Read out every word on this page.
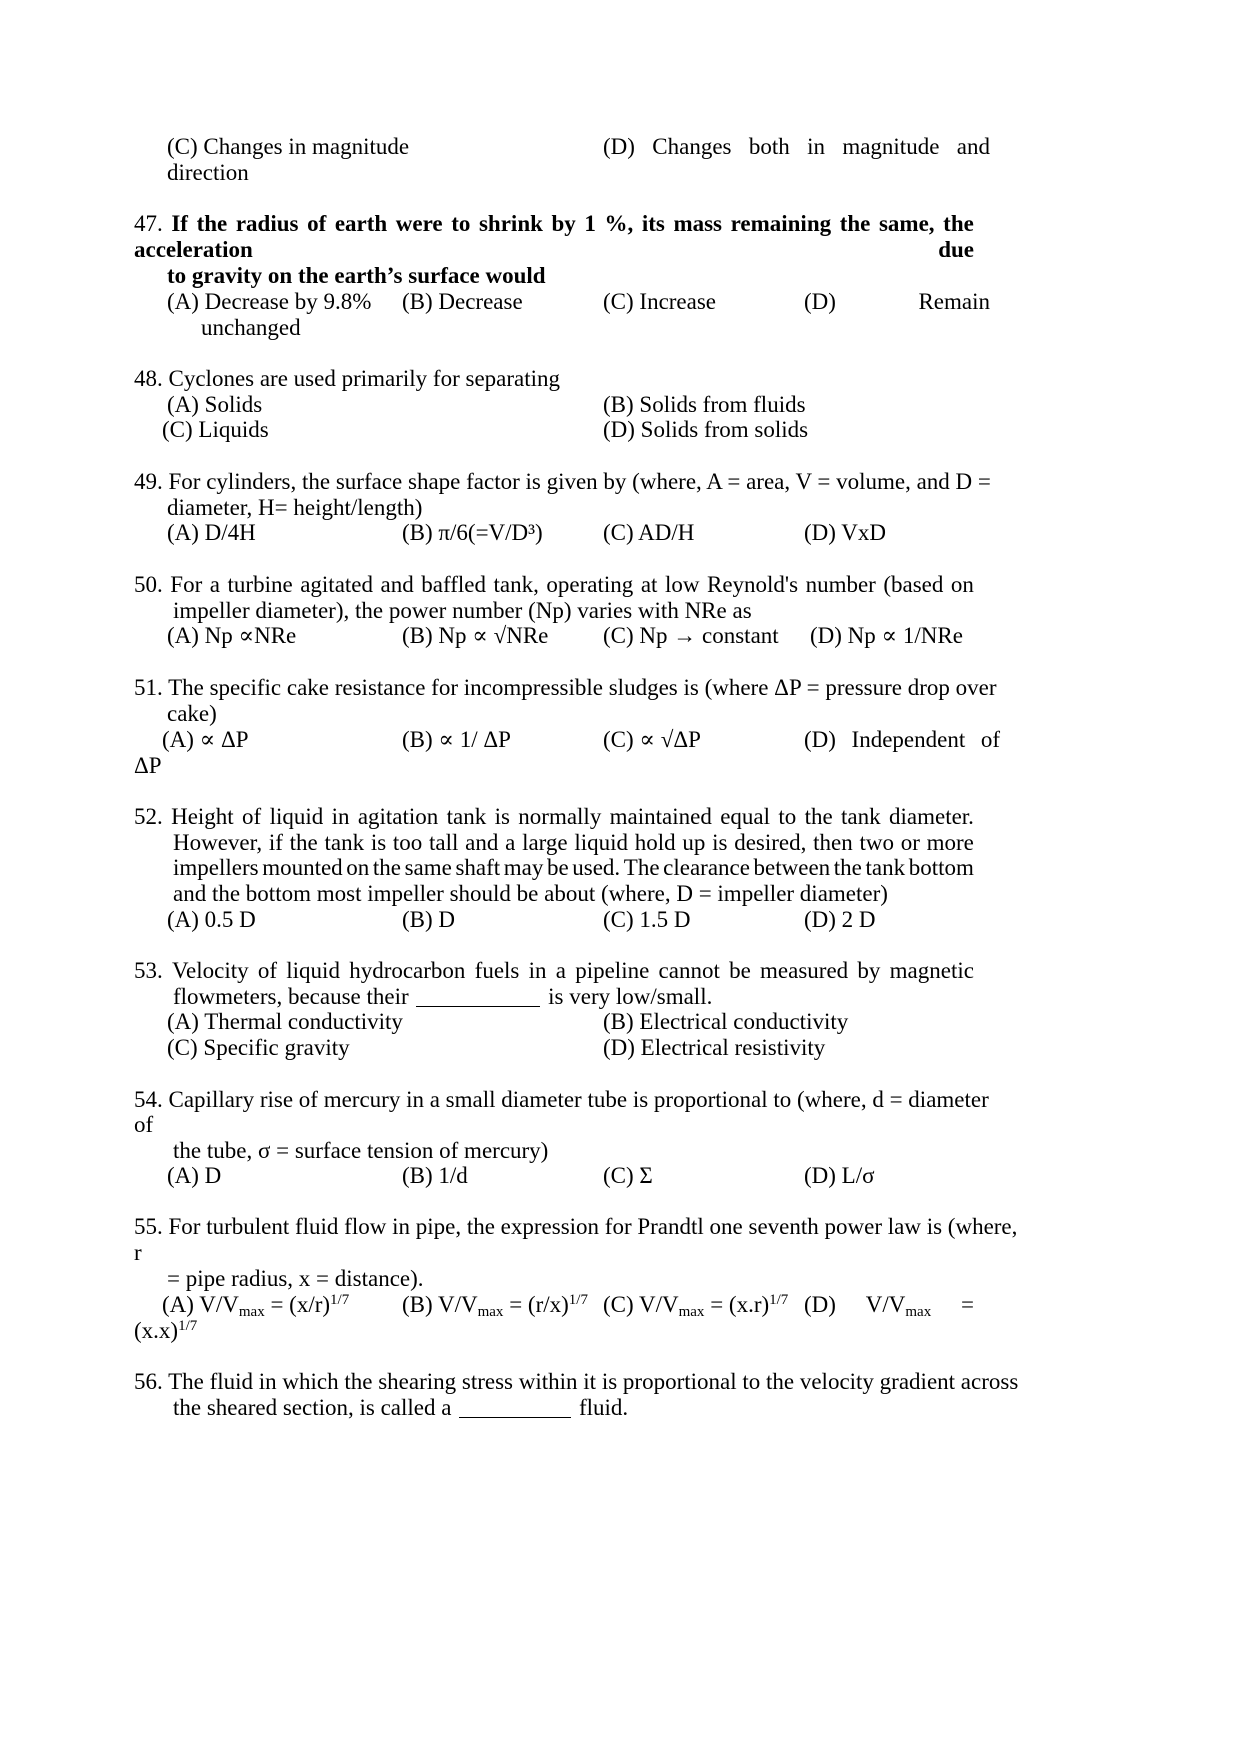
(C) Changes in magnitude	(D) Changes both in magnitude and
direction
47. If the radius of earth were to shrink by 1 %, its mass remaining the same, the
acceleration	due
to gravity on the earth’s surface would
(A) Decrease by 9.8% (B) Decrease	(C) Increase	(D)	Remain
unchanged
48. Cyclones are used primarily for separating
(A) Solids	(B) Solids from fluids
(C) Liquids	(D) Solids from solids
49. For cylinders, the surface shape factor is given by (where, A = area, V = volume, and D =
diameter, H= height/length)
(A) D/4H	(B) π/6(=V/D³)	(C) AD/H	(D) VxD
50. For a turbine agitated and baffled tank, operating at low Reynold's number (based on
impeller diameter), the power number (Np) varies with NRe as
(A) Np ∝NRe	(B) Np ∝ √NRe (C) Np → constant (D) Np ∝ 1/NRe
51. The specific cake resistance for incompressible sludges is (where ΔP = pressure drop over
cake)
(A) ∝ ΔP	(B) ∝ 1/ ΔP	(C) ∝ √ΔP	(D) Independent of
ΔP
52. Height of liquid in agitation tank is normally maintained equal to the tank diameter.
However, if the tank is too tall and a large liquid hold up is desired, then two or more
impellers mounted on the same shaft may be used. The clearance between the tank bottom
and the bottom most impeller should be about (where, D = impeller diameter)
(A) 0.5 D	(B) D	(C) 1.5 D	(D) 2 D
53. Velocity of liquid hydrocarbon fuels in a pipeline cannot be measured by magnetic
flowmeters, because their	is very low/small.
(A) Thermal conductivity	(B) Electrical conductivity
(C) Specific gravity	(D) Electrical resistivity
54. Capillary rise of mercury in a small diameter tube is proportional to (where, d = diameter
of
the tube, σ = surface tension of mercury)
(A) D	(B) 1/d	(C) Σ	(D) L/σ
55. For turbulent fluid flow in pipe, the expression for Prandtl one seventh power law is (where,
r
= pipe radius, x = distance).
(A) $V/V_{max} = (x/r)^{1/7}$ (B) $V/V_{max} = (r/x)^{1/7}$ (C) $V/V_{max} = (x.r)^{1/7}$ (D) $V/V_{max}$ =
$(x.x)^{1/7}$
56. The fluid in which the shearing stress within it is proportional to the velocity gradient across
the sheared section, is called a	fluid.
